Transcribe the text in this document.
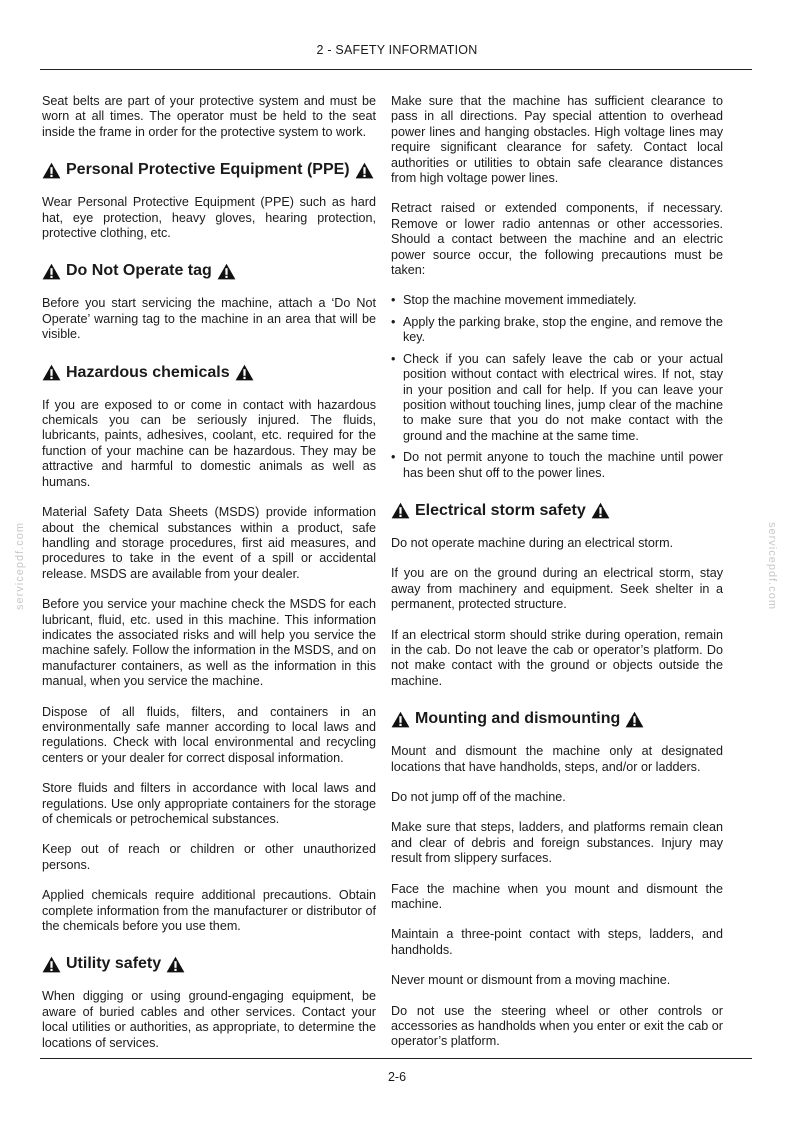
2 - SAFETY INFORMATION
servicepdf.com	servicepdf.com

Seat belts are part of your protective system and must be worn at all times. The operator must be held to the seat inside the frame in order for the protective system to work.

Personal Protective Equipment (PPE)

Wear Personal Protective Equipment (PPE) such as hard hat, eye protection, heavy gloves, hearing protection, protective clothing, etc.

Do Not Operate tag

Before you start servicing the machine, attach a ‘Do Not Operate’ warning tag to the machine in an area that will be visible.

Hazardous chemicals

If you are exposed to or come in contact with hazardous chemicals you can be seriously injured. The fluids, lubricants, paints, adhesives, coolant, etc. required for the function of your machine can be hazardous. They may be attractive and harmful to domestic animals as well as humans.

Material Safety Data Sheets (MSDS) provide information about the chemical substances within a product, safe handling and storage procedures, first aid measures, and procedures to take in the event of a spill or accidental release. MSDS are available from your dealer.

Before you service your machine check the MSDS for each lubricant, fluid, etc. used in this machine. This information indicates the associated risks and will help you service the machine safely. Follow the information in the MSDS, and on manufacturer containers, as well as the information in this manual, when you service the machine.

Dispose of all fluids, filters, and containers in an environmentally safe manner according to local laws and regulations. Check with local environmental and recycling centers or your dealer for correct disposal information.

Store fluids and filters in accordance with local laws and regulations. Use only appropriate containers for the storage of chemicals or petrochemical substances.

Keep out of reach or children or other unauthorized persons.

Applied chemicals require additional precautions. Obtain complete information from the manufacturer or distributor of the chemicals before you use them.

Utility safety

When digging or using ground-engaging equipment, be aware of buried cables and other services. Contact your local utilities or authorities, as appropriate, to determine the locations of services.

Make sure that the machine has sufficient clearance to pass in all directions. Pay special attention to overhead power lines and hanging obstacles. High voltage lines may require significant clearance for safety. Contact local authorities or utilities to obtain safe clearance distances from high voltage power lines.

Retract raised or extended components, if necessary. Remove or lower radio antennas or other accessories. Should a contact between the machine and an electric power source occur, the following precautions must be taken:

• Stop the machine movement immediately.
• Apply the parking brake, stop the engine, and remove the key.
• Check if you can safely leave the cab or your actual position without contact with electrical wires. If not, stay in your position and call for help. If you can leave your position without touching lines, jump clear of the machine to make sure that you do not make contact with the ground and the machine at the same time.
• Do not permit anyone to touch the machine until power has been shut off to the power lines.
Electrical storm safety

Do not operate machine during an electrical storm.

If you are on the ground during an electrical storm, stay away from machinery and equipment. Seek shelter in a permanent, protected structure.

If an electrical storm should strike during operation, remain in the cab. Do not leave the cab or operator’s platform. Do not make contact with the ground or objects outside the machine.

Mounting and dismounting

Mount and dismount the machine only at designated locations that have handholds, steps, and/or or ladders.

Do not jump off of the machine.

Make sure that steps, ladders, and platforms remain clean and clear of debris and foreign substances. Injury may result from slippery surfaces.

Face the machine when you mount and dismount the machine.

Maintain a three-point contact with steps, ladders, and handholds.

Never mount or dismount from a moving machine.

Do not use the steering wheel or other controls or accessories as handholds when you enter or exit the cab or operator’s platform.

2-6
